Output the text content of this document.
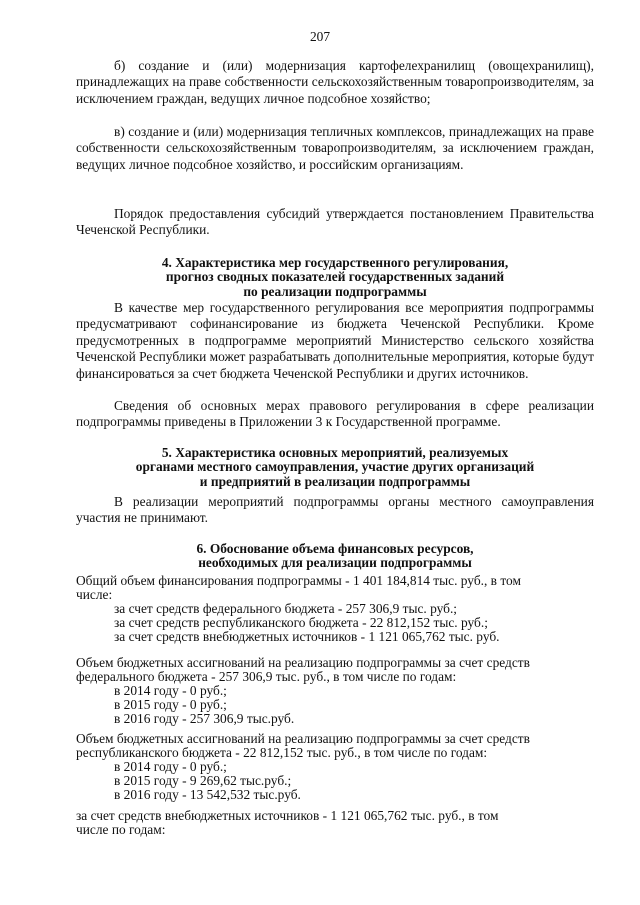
207
б) создание и (или) модернизация картофелехранилищ (овощехранилищ), принадлежащих на праве собственности сельскохозяйственным товаропроизводителям, за исключением граждан, ведущих личное подсобное хозяйство;
в) создание и (или) модернизация тепличных комплексов, принадлежащих на праве собственности сельскохозяйственным товаропроизводителям, за исключением граждан, ведущих личное подсобное хозяйство, и российским организациям.
Порядок предоставления субсидий утверждается постановлением Правительства Чеченской Республики.
4. Характеристика мер государственного регулирования,
прогноз сводных показателей государственных заданий
по реализации подпрограммы
В качестве мер государственного регулирования все мероприятия подпрограммы предусматривают софинансирование из бюджета Чеченской Республики. Кроме предусмотренных в подпрограмме мероприятий Министерство сельского хозяйства Чеченской Республики может разрабатывать дополнительные мероприятия, которые будут финансироваться за счет бюджета Чеченской Республики и других источников.
Сведения об основных мерах правового регулирования в сфере реализации подпрограммы приведены в Приложении 3 к Государственной программе.
5. Характеристика основных мероприятий, реализуемых
органами местного самоуправления, участие других организаций
и предприятий в реализации подпрограммы
В реализации мероприятий подпрограммы органы местного самоуправления участия не принимают.
6. Обоснование объема финансовых ресурсов,
необходимых для реализации подпрограммы
Общий объем финансирования подпрограммы - 1 401 184,814 тыс. руб., в том
числе:
за счет средств федерального бюджета - 257 306,9 тыс. руб.;
за счет средств республиканского бюджета - 22 812,152 тыс. руб.;
за счет средств внебюджетных источников - 1 121 065,762 тыс. руб.
Объем бюджетных ассигнований на реализацию подпрограммы за счет средств
федерального бюджета - 257 306,9 тыс. руб., в том числе по годам:
в 2014 году - 0 руб.;
в 2015 году - 0 руб.;
в 2016 году - 257 306,9 тыс.руб.
Объем бюджетных ассигнований на реализацию подпрограммы за счет средств
республиканского бюджета - 22 812,152 тыс. руб., в том числе по годам:
в 2014 году - 0 руб.;
в 2015 году - 9 269,62 тыс.руб.;
в 2016 году - 13 542,532 тыс.руб.
за счет средств внебюджетных источников - 1 121 065,762 тыс. руб., в том
числе по годам:
